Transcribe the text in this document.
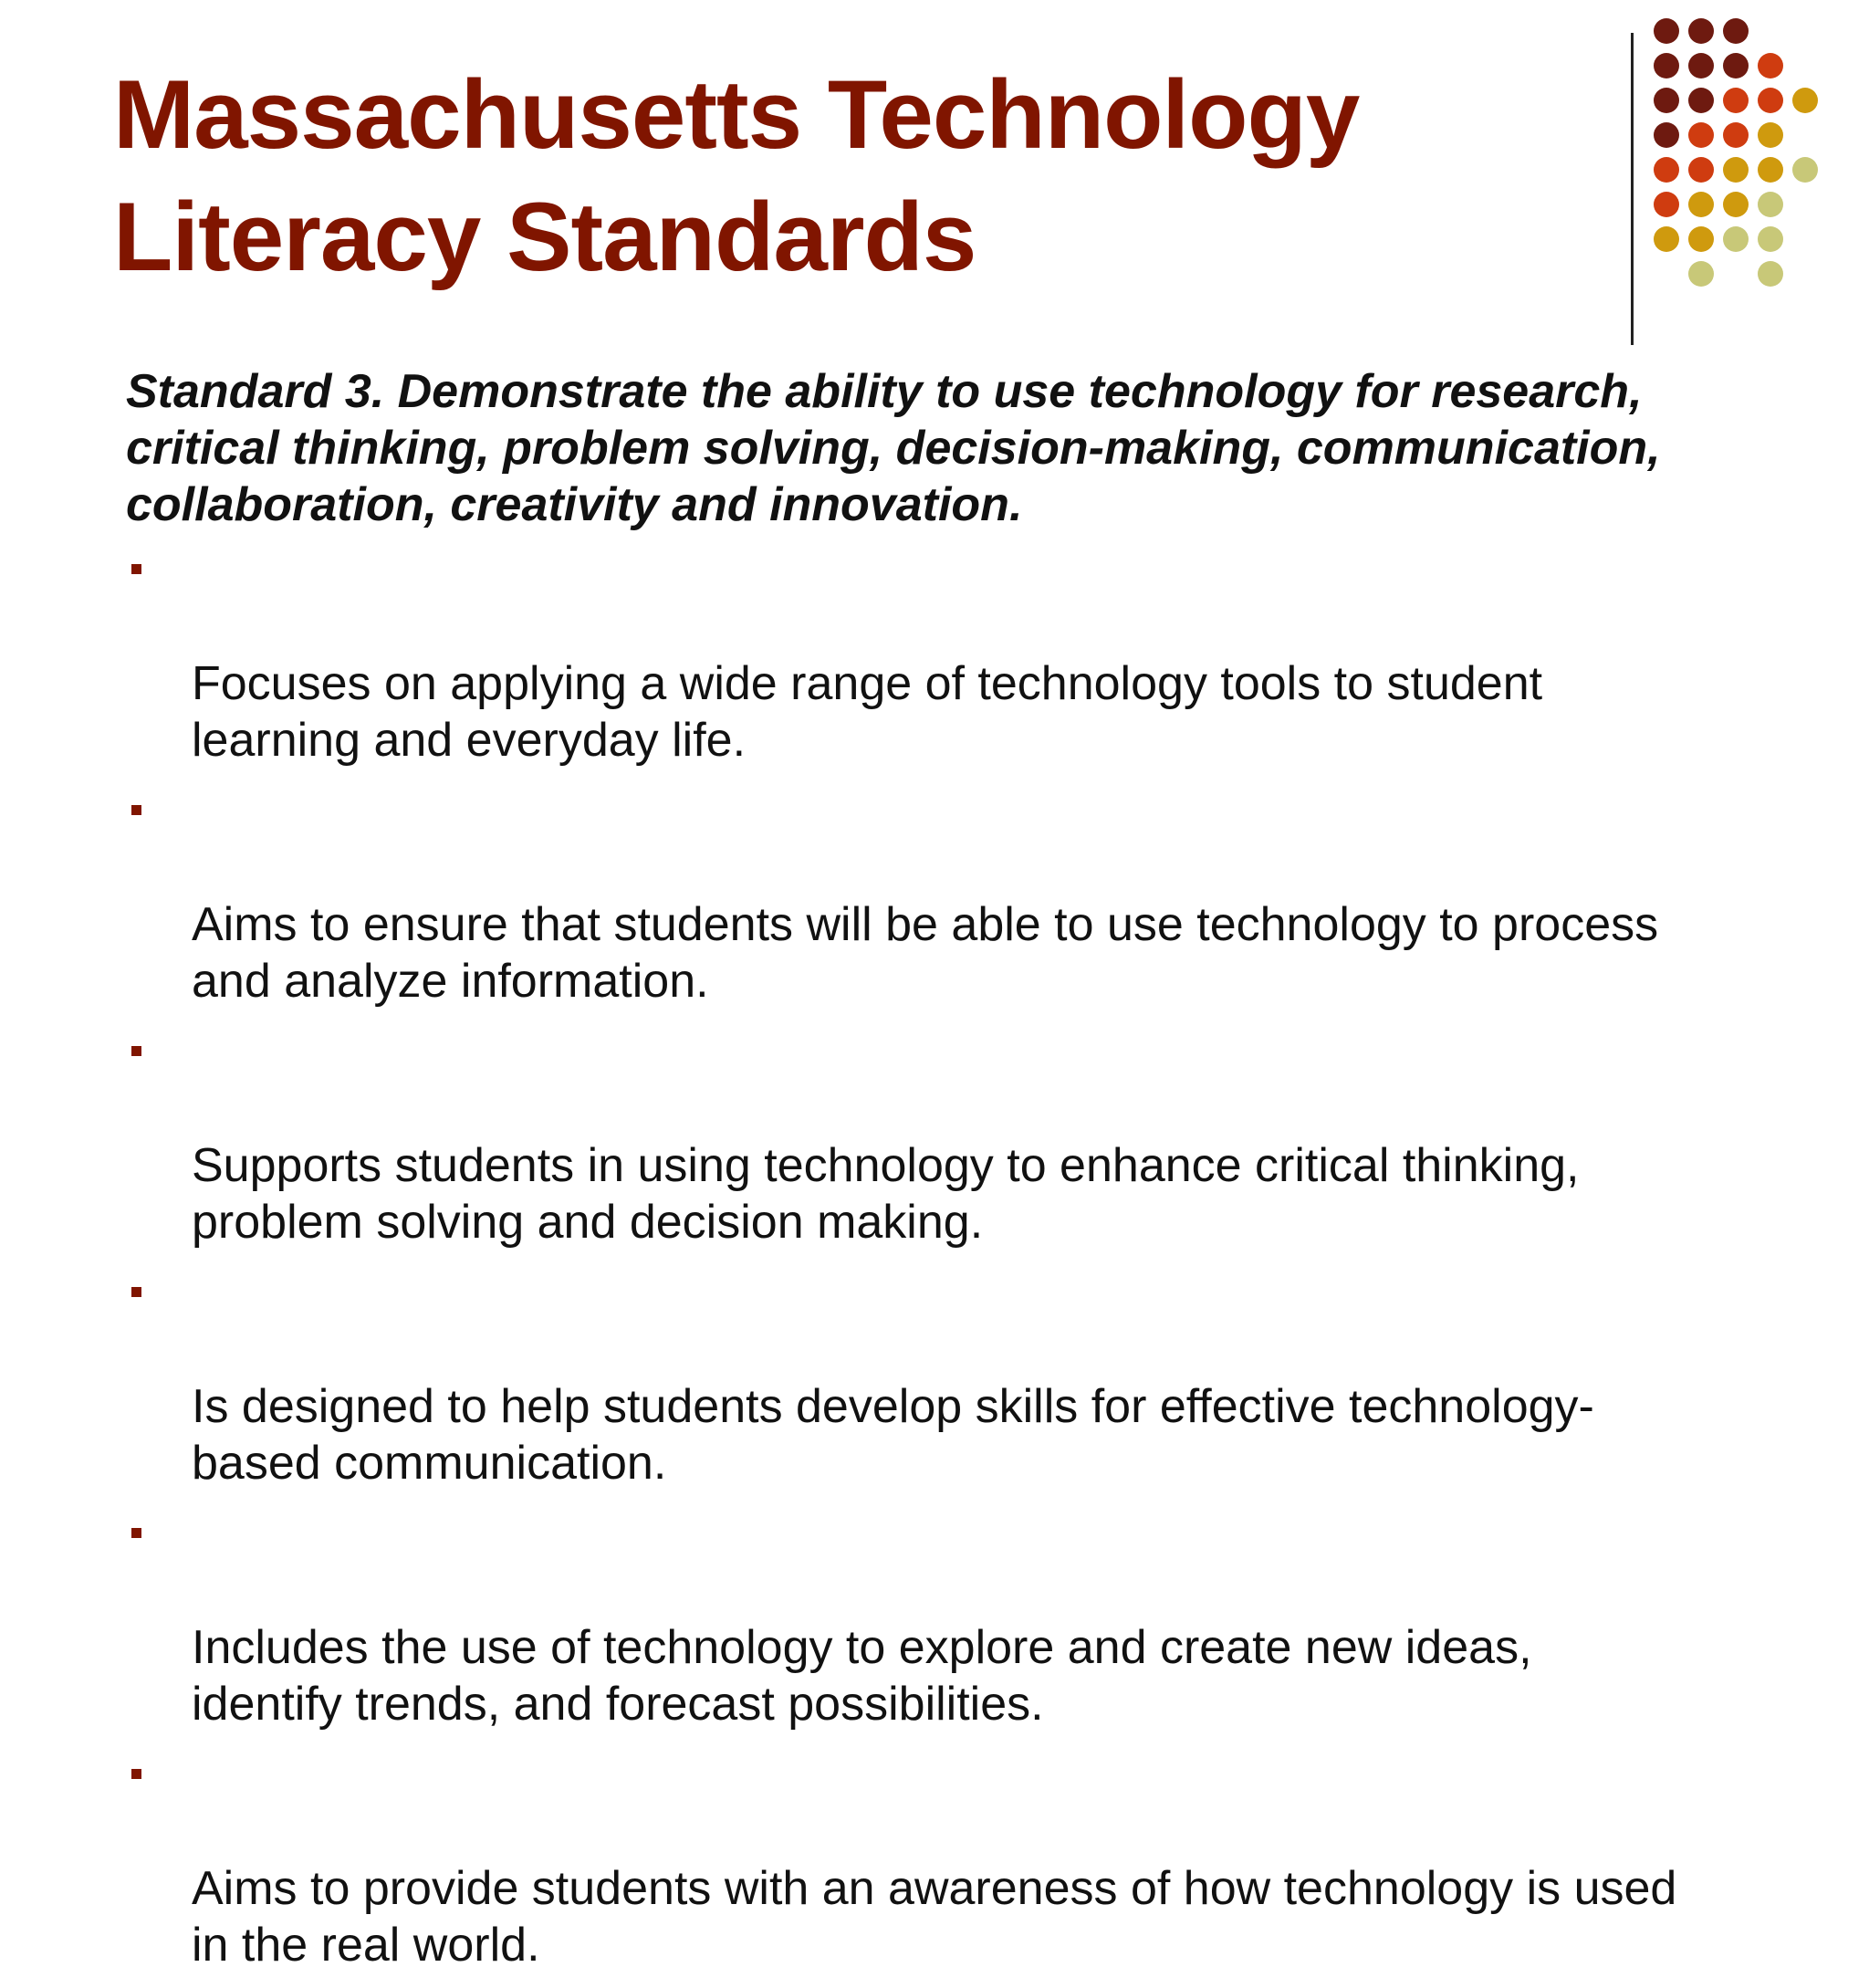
Massachusetts Technology
Literacy Standards

Standard 3. Demonstrate the ability to use technology for research,
critical thinking, problem solving, decision-making, communication,
collaboration, creativity and innovation.

Focuses on applying a wide range of technology tools to student
learning and everyday life.

Aims to ensure that students will be able to use technology to process
and analyze information.

Supports students in using technology to enhance critical thinking,
problem solving and decision making.

Is designed to help students develop skills for effective technology-
based communication.

Includes the use of technology to explore and create new ideas,
identify trends, and forecast possibilities.

Aims to provide students with an awareness of how technology is used
in the real world.
